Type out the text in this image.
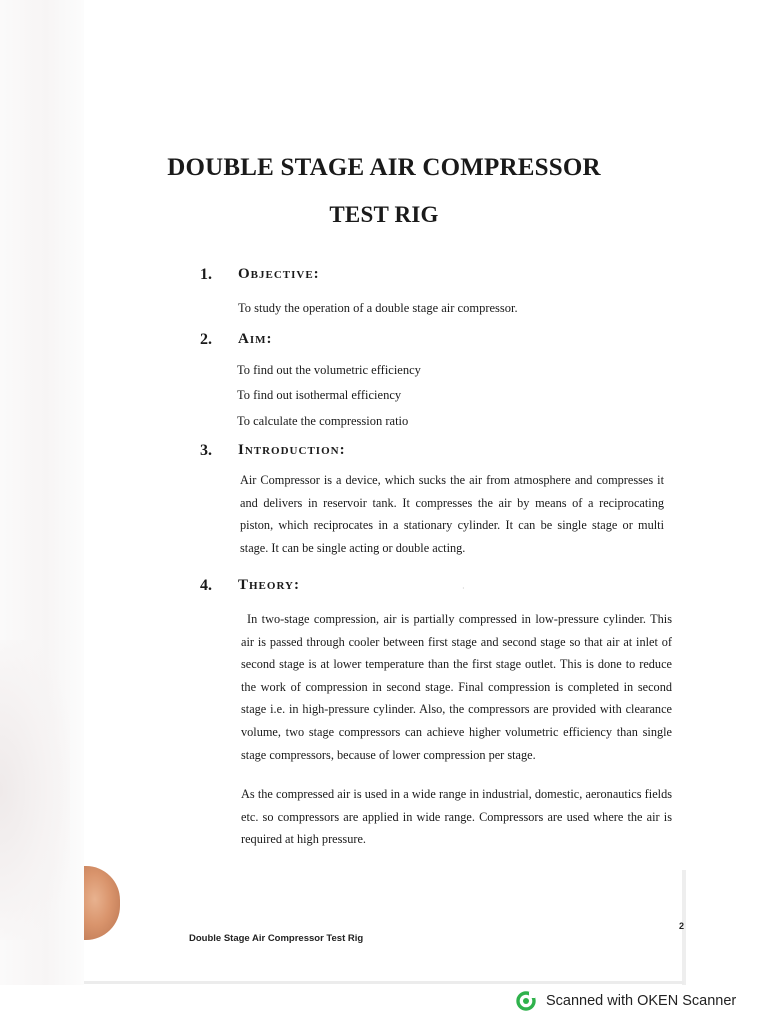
DOUBLE STAGE AIR COMPRESSOR
TEST RIG
1. Objective:
To study the operation of a double stage air compressor.
2. Aim:
To find out the volumetric efficiency
To find out isothermal efficiency
To calculate the compression ratio
3. Introduction:

Air Compressor is a device, which sucks the air from atmosphere and compresses it and delivers in reservoir tank. It compresses the air by means of a reciprocating piston, which reciprocates in a stationary cylinder. It can be single stage or multi stage. It can be single acting or double acting.

4. Theory:	·

In two-stage compression, air is partially compressed in low-pressure cylinder. This air is passed through cooler between first stage and second stage so that air at inlet of second stage is at lower temperature than the first stage outlet. This is done to reduce the work of compression in second stage. Final compression is completed in second stage i.e. in high-pressure cylinder. Also, the compressors are provided with clearance volume, two stage compressors can achieve higher volumetric efficiency than single stage compressors, because of lower compression per stage.

As the compressed air is used in a wide range in industrial, domestic, aeronautics fields etc. so compressors are applied in wide range. Compressors are used where the air is required at high pressure.

Double Stage Air Compressor Test Rig
2
Scanned with OKEN Scanner
